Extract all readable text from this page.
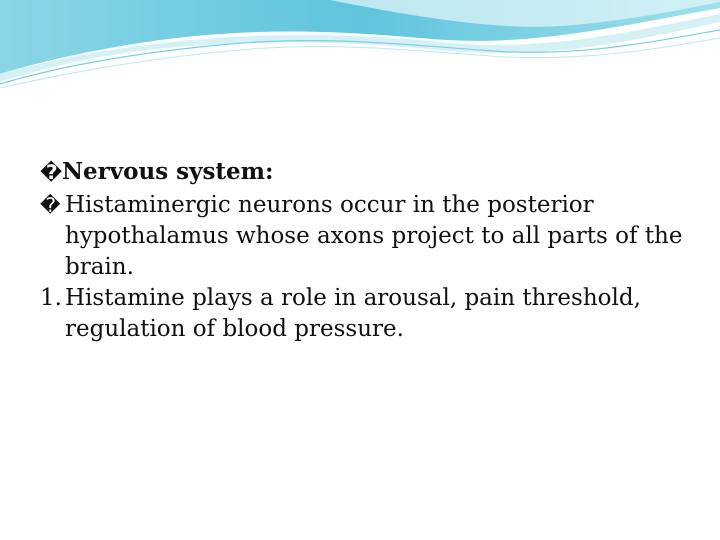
�Nervous system:

� Histaminergic neurons occur in the posterior hypothalamus whose axons project to all parts of the brain.

1. Histamine plays a role in arousal, pain threshold, regulation of blood pressure.
